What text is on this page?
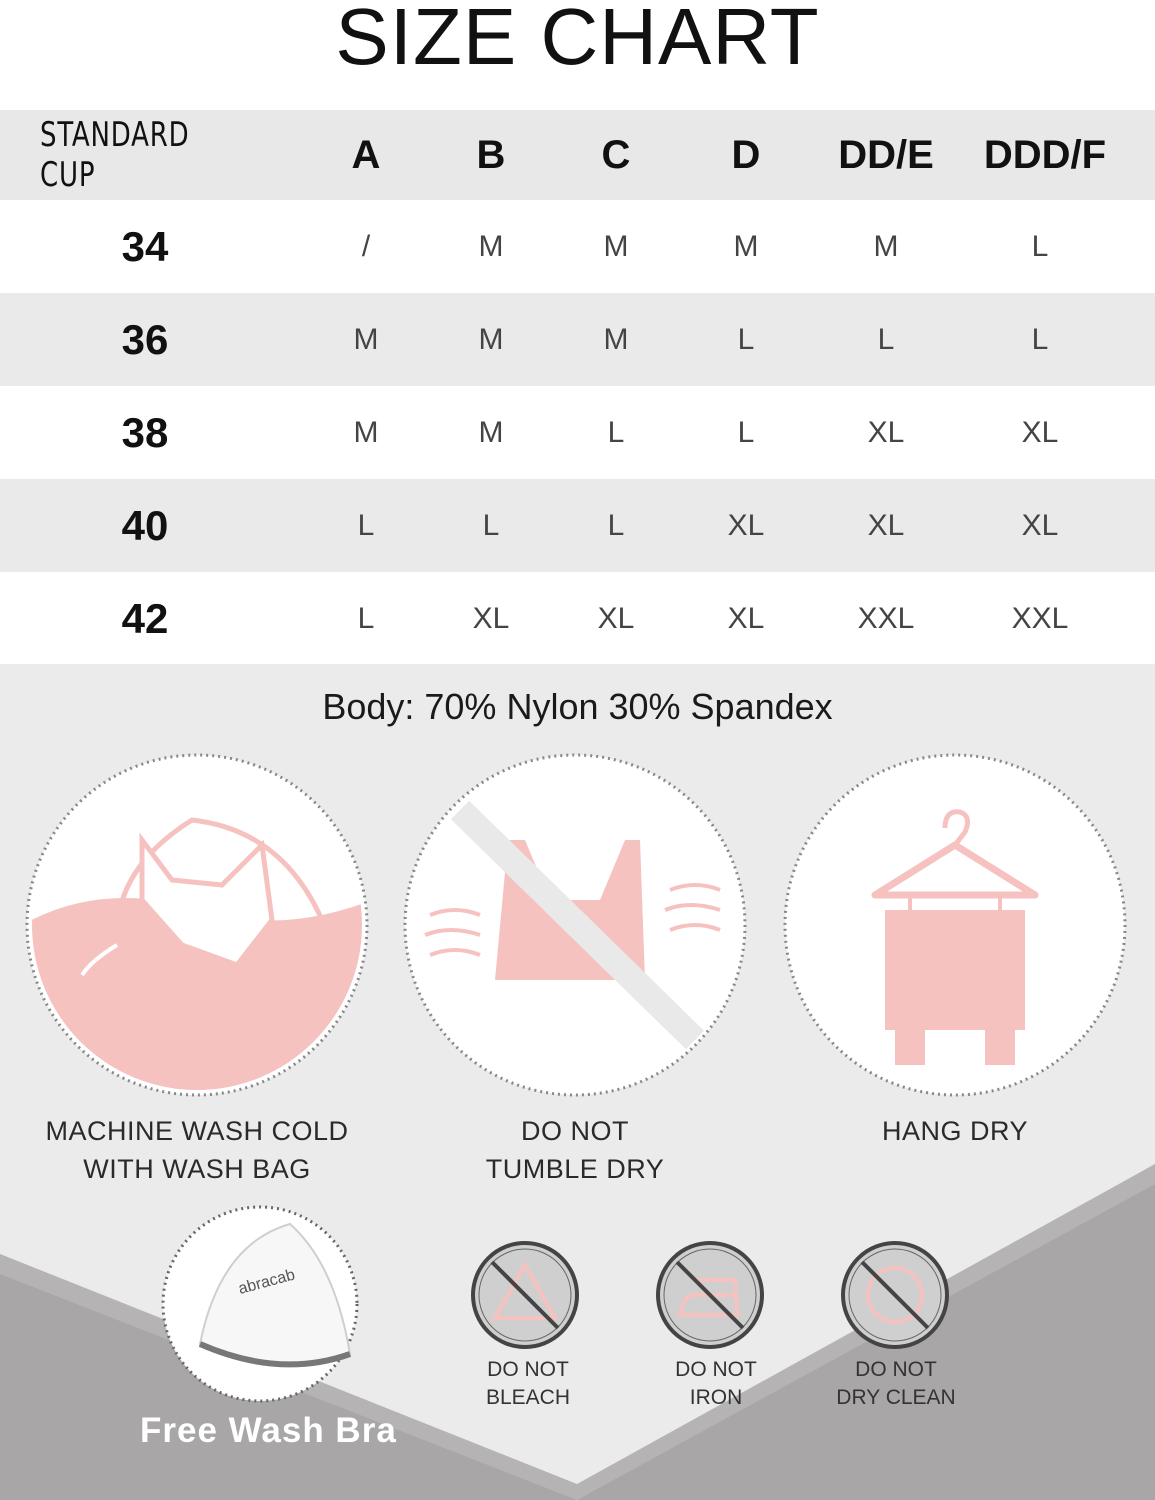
SIZE CHART
STANDARD CUP	A	B	C	D	DD/E	DDD/F
34	/	M	M	M	M	L
36	M	M	M	L	L	L
38	M	M	L	L	XL	XL
40	L	L	L	XL	XL	XL
42	L	XL	XL	XL	XXL	XXL
Body: 70% Nylon 30% Spandex
MACHINE WASH COLD
WITH WASH BAG
DO NOT
TUMBLE DRY
HANG DRY
abracab
Free Wash Bra
DO NOT
BLEACH
DO NOT
IRON
DO NOT
DRY CLEAN
